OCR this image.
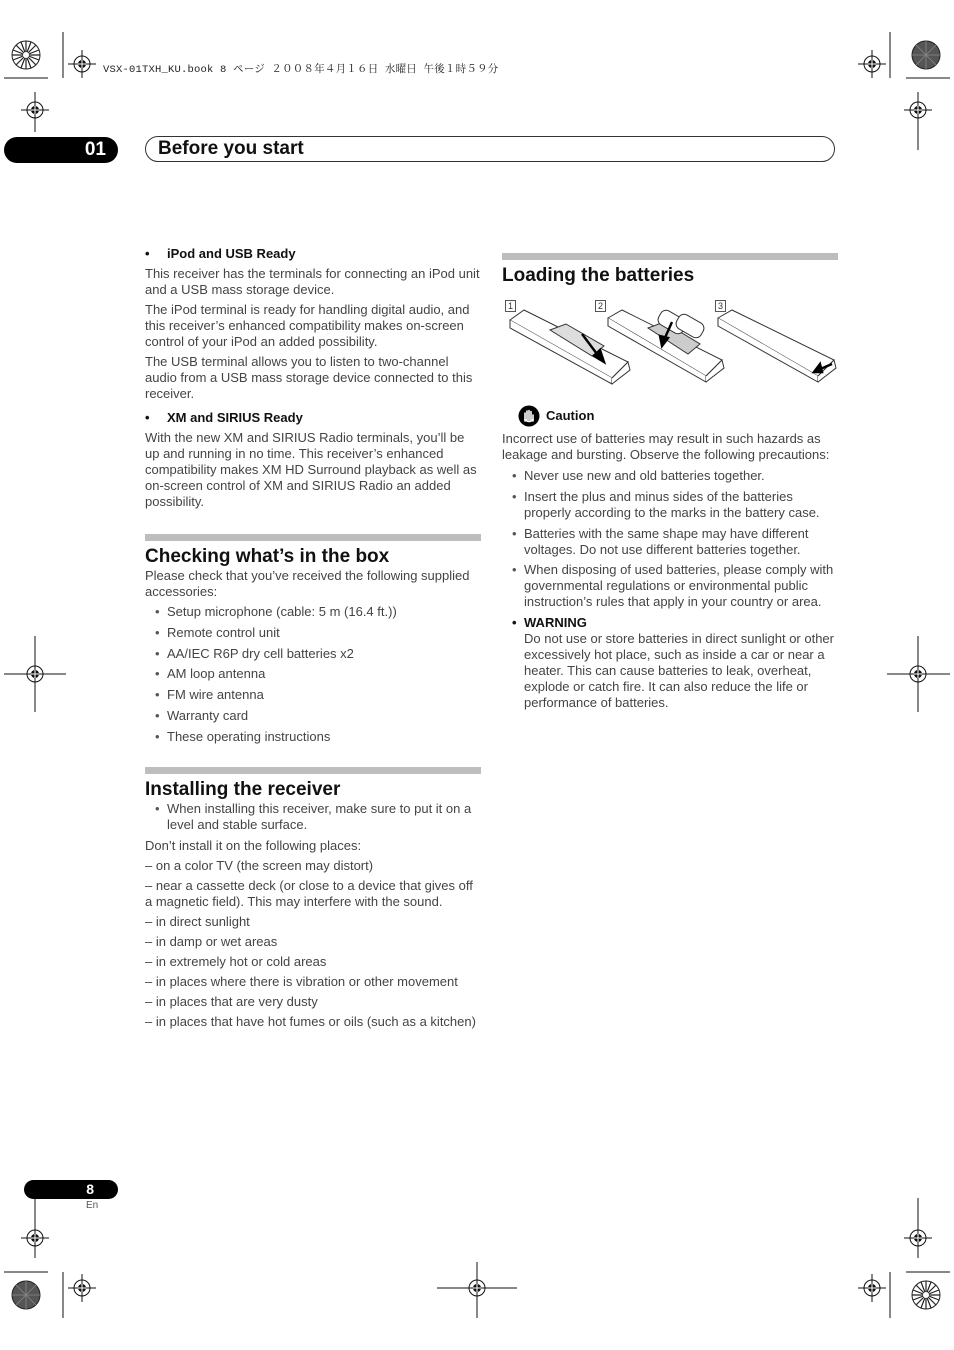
VSX-01TXH_KU.book 8 ページ ２００８年４月１６日 水曜日 午後１時５９分
01	Before you start

• iPod and USB Ready

This receiver has the terminals for connecting an iPod unit and a USB mass storage device.

The iPod terminal is ready for handling digital audio, and this receiver’s enhanced compatibility makes on-screen control of your iPod an added possibility.

The USB terminal allows you to listen to two-channel audio from a USB mass storage device connected to this receiver.

• XM and SIRIUS Ready

With the new XM and SIRIUS Radio terminals, you’ll be up and running in no time. This receiver’s enhanced compatibility makes XM HD Surround playback as well as on-screen control of XM and SIRIUS Radio an added possibility.

Checking what’s in the box

Please check that you’ve received the following supplied accessories:

• Setup microphone (cable: 5 m (16.4 ft.))
• Remote control unit
• AA/IEC R6P dry cell batteries x2
• AM loop antenna
• FM wire antenna
• Warranty card
• These operating instructions
Installing the receiver
• When installing this receiver, make sure to put it on a level and stable surface.

Don’t install it on the following places:

– on a color TV (the screen may distort)

– near a cassette deck (or close to a device that gives off a magnetic field). This may interfere with the sound.

– in direct sunlight

– in damp or wet areas

– in extremely hot or cold areas

– in places where there is vibration or other movement

– in places that are very dusty

– in places that have hot fumes or oils (such as a kitchen)

Loading the batteries
1	2	3
Caution

Incorrect use of batteries may result in such hazards as leakage and bursting. Observe the following precautions:

• Never use new and old batteries together.
• Insert the plus and minus sides of the batteries properly according to the marks in the battery case.
• Batteries with the same shape may have different voltages. Do not use different batteries together.
• When disposing of used batteries, please comply with governmental regulations or environmental public instruction’s rules that apply in your country or area.
• WARNING
Do not use or store batteries in direct sunlight or other excessively hot place, such as inside a car or near a heater. This can cause batteries to leak, overheat, explode or catch fire. It can also reduce the life or performance of batteries.
8
En
